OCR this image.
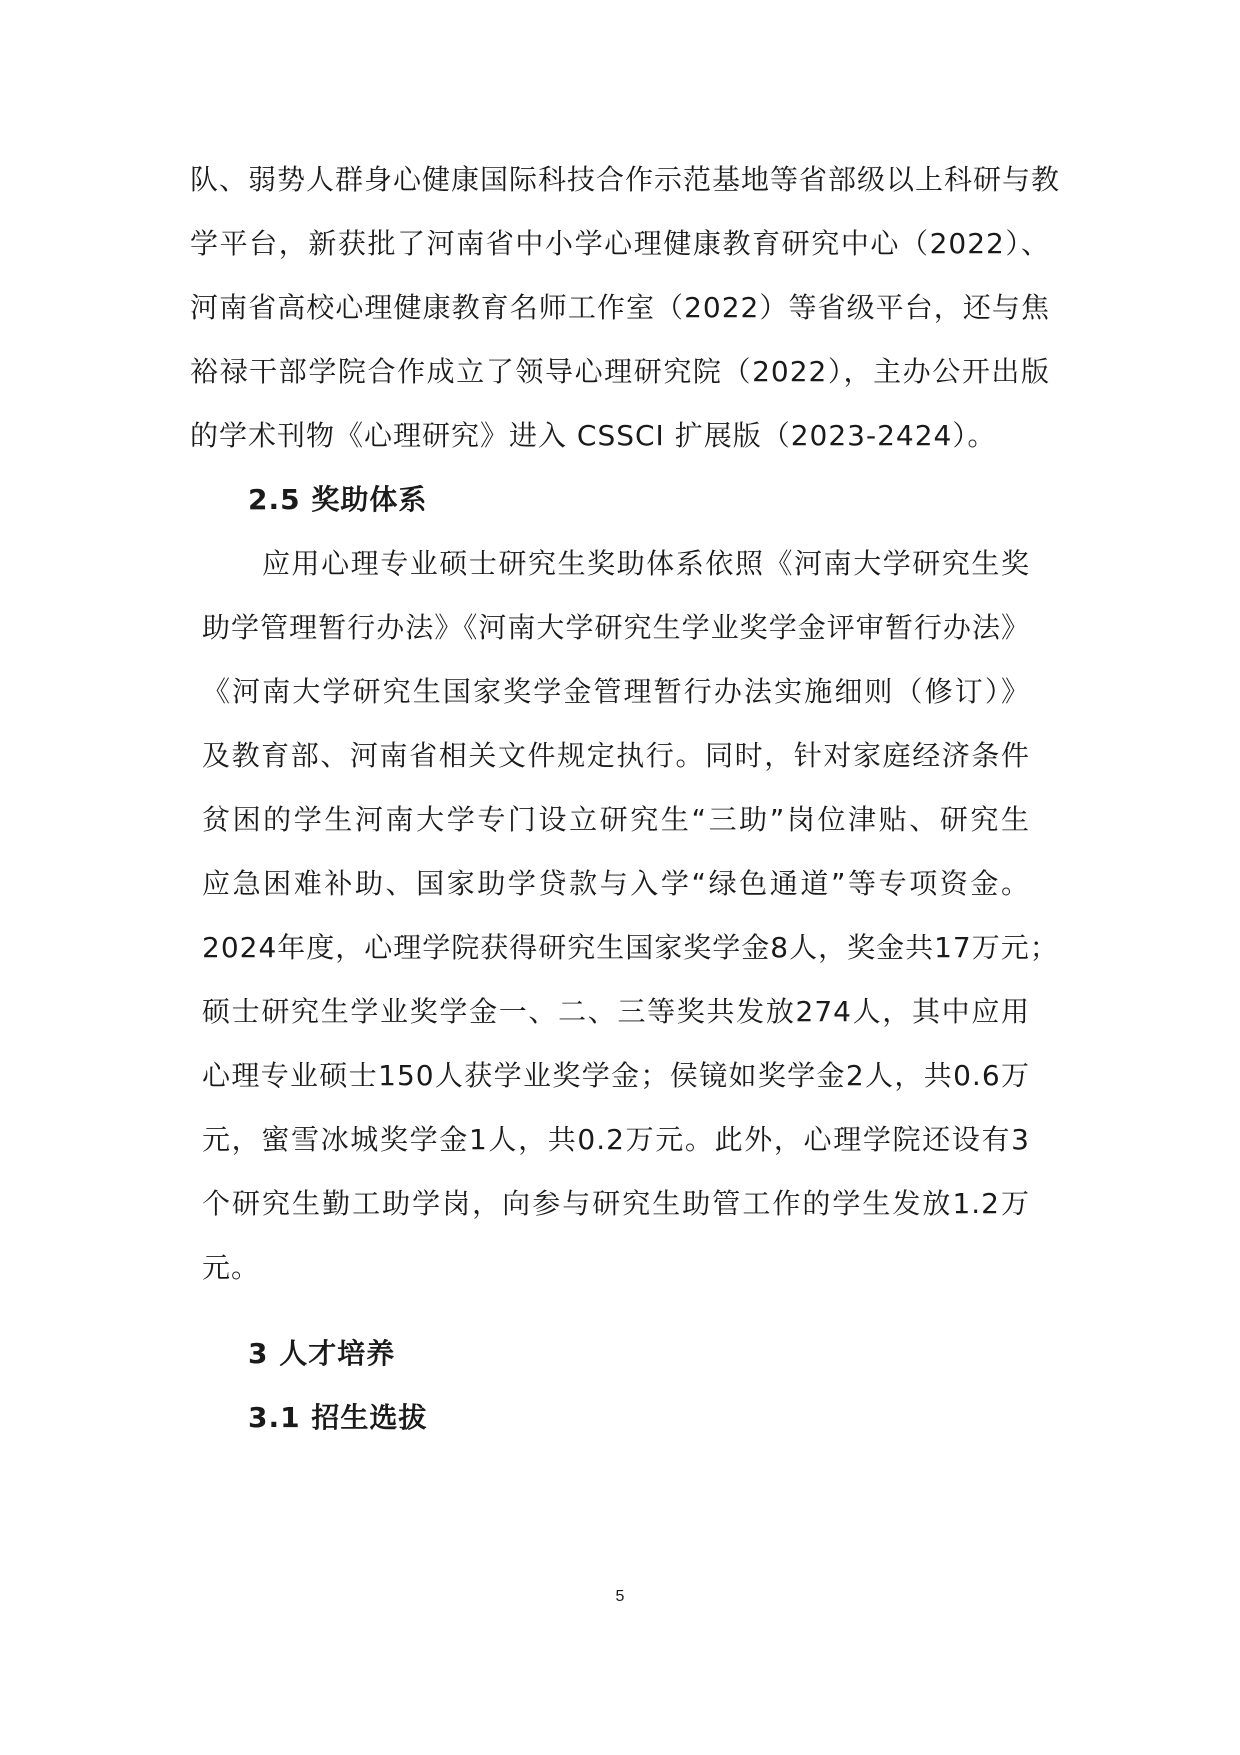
队、弱势人群身心健康国际科技合作示范基地等省部级以上科研与教
学平台，新获批了河南省中小学心理健康教育研究中心（2022）、
河南省高校心理健康教育名师工作室（2022）等省级平台，还与焦
裕禄干部学院合作成立了领导心理研究院（2022），主办公开出版
的学术刊物《心理研究》进入 CSSCI 扩展版（2023-2424）。
2.5 奖助体系
应用心理专业硕士研究生奖助体系依照《河南大学研究生奖
助学管理暂行办法》《河南大学研究生学业奖学金评审暂行办法》
《河南大学研究生国家奖学金管理暂行办法实施细则（修订）》
及教育部、河南省相关文件规定执行。同时，针对家庭经济条件
贫困的学生河南大学专门设立研究生“三助”岗位津贴、研究生
应急困难补助、国家助学贷款与入学“绿色通道”等专项资金。
2024年度，心理学院获得研究生国家奖学金8人，奖金共17万元；
硕士研究生学业奖学金一、二、三等奖共发放274人，其中应用
心理专业硕士150人获学业奖学金；侯镜如奖学金2人，共0.6万
元，蜜雪冰城奖学金1人，共0.2万元。此外，心理学院还设有3
个研究生勤工助学岗，向参与研究生助管工作的学生发放1.2万
元。
3 人才培养
3.1 招生选拔
5
